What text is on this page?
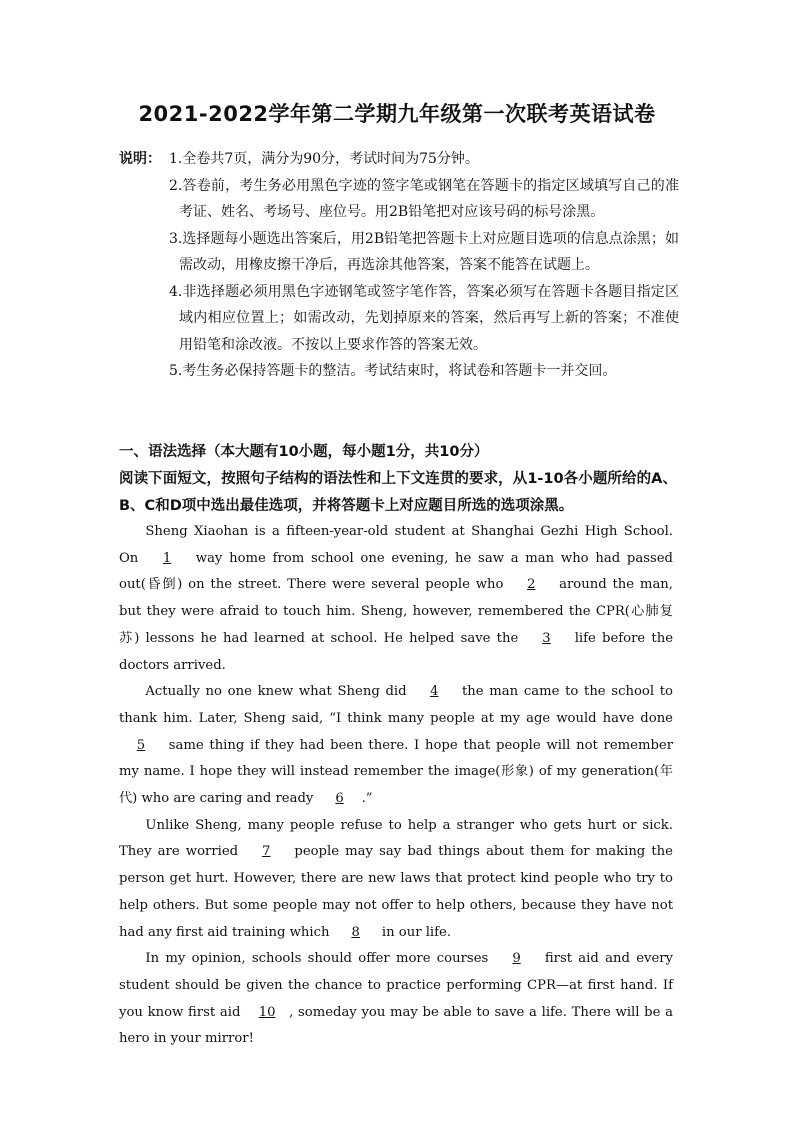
2021-2022学年第二学期九年级第一次联考英语试卷
说明： 1.全卷共7页，满分为90分，考试时间为75分钟。
2.答卷前，考生务必用黑色字迹的签字笔或钢笔在答题卡的指定区域填写自己的准考证、姓名、考场号、座位号。用2B铅笔把对应该号码的标号涂黑。
3.选择题每小题选出答案后，用2B铅笔把答题卡上对应题目选项的信息点涂黑；如需改动，用橡皮擦干净后，再选涂其他答案，答案不能答在试题上。
4.非选择题必须用黑色字迹钢笔或签字笔作答，答案必须写在答题卡各题目指定区域内相应位置上；如需改动，先划掉原来的答案，然后再写上新的答案；不准使用铅笔和涂改液。不按以上要求作答的答案无效。
5.考生务必保持答题卡的整洁。考试结束时，将试卷和答题卡一并交回。
一、语法选择（本大题有10小题，每小题1分，共10分）
阅读下面短文，按照句子结构的语法性和上下文连贯的要求，从1-10各小题所给的A、B、C和D项中选出最佳选项，并将答题卡上对应题目所选的选项涂黑。

Sheng Xiaohan is a fifteen-year-old student at Shanghai Gezhi High School. On 1 way home from school one evening, he saw a man who had passed out(昏倒) on the street. There were several people who 2 around the man, but they were afraid to touch him. Sheng, however, remembered the CPR(心肺复苏) lessons he had learned at school. He helped save the 3 life before the doctors arrived.

Actually no one knew what Sheng did 4 the man came to the school to thank him. Later, Sheng said, “I think many people at my age would have done 5 same thing if they had been there. I hope that people will not remember my name. I hope they will instead remember the image(形象) of my generation(年代) who are caring and ready 6 .”

Unlike Sheng, many people refuse to help a stranger who gets hurt or sick. They are worried 7 people may say bad things about them for making the person get hurt. However, there are new laws that protect kind people who try to help others. But some people may not offer to help others, because they have not had any first aid training which 8 in our life.

In my opinion, schools should offer more courses 9 first aid and every student should be given the chance to practice performing CPR—at first hand. If you know first aid 10 , someday you may be able to save a life. There will be a hero in your mirror!
